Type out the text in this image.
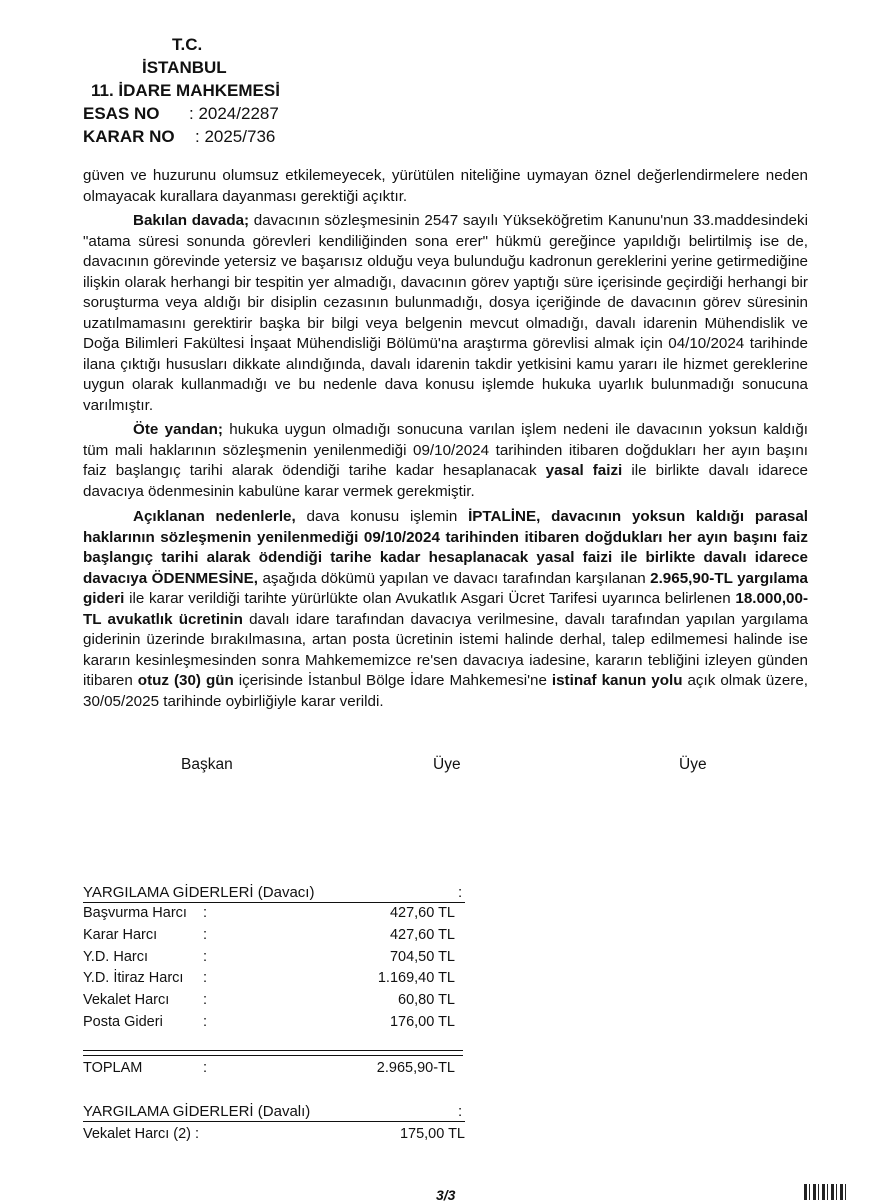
T.C.
İSTANBUL
11. İDARE MAHKEMESİ
ESAS NO : 2024/2287
KARAR NO : 2025/736
güven ve huzurunu olumsuz etkilemeyecek, yürütülen niteliğine uymayan öznel değerlendirmelere neden olmayacak kurallara dayanması gerektiği açıktır.
Bakılan davada; davacının sözleşmesinin 2547 sayılı Yükseköğretim Kanunu'nun 33.maddesindeki "atama süresi sonunda görevleri kendiliğinden sona erer" hükmü gereğince yapıldığı belirtilmiş ise de, davacının görevinde yetersiz ve başarısız olduğu veya bulunduğu kadronun gereklerini yerine getirmediğine ilişkin olarak herhangi bir tespitin yer almadığı, davacının görev yaptığı süre içerisinde geçirdiği herhangi bir soruşturma veya aldığı bir disiplin cezasının bulunmadığı, dosya içeriğinde de davacının görev süresinin uzatılmamasını gerektirir başka bir bilgi veya belgenin mevcut olmadığı, davalı idarenin Mühendislik ve Doğa Bilimleri Fakültesi İnşaat Mühendisliği Bölümü'na araştırma görevlisi almak için 04/10/2024 tarihinde ilana çıktığı hususları dikkate alındığında, davalı idarenin takdir yetkisini kamu yararı ile hizmet gereklerine uygun olarak kullanmadığı ve bu nedenle dava konusu işlemde hukuka uyarlık bulunmadığı sonucuna varılmıştır.
Öte yandan; hukuka uygun olmadığı sonucuna varılan işlem nedeni ile davacının yoksun kaldığı tüm mali haklarının sözleşmenin yenilenmediği 09/10/2024 tarihinden itibaren doğdukları her ayın başını faiz başlangıç tarihi alarak ödendiği tarihe kadar hesaplanacak yasal faizi ile birlikte davalı idarece davacıya ödenmesinin kabulüne karar vermek gerekmiştir.
Açıklanan nedenlerle, dava konusu işlemin İPTALİNE, davacının yoksun kaldığı parasal haklarının sözleşmenin yenilenmediği 09/10/2024 tarihinden itibaren doğdukları her ayın başını faiz başlangıç tarihi alarak ödendiği tarihe kadar hesaplanacak yasal faizi ile birlikte davalı idarece davacıya ÖDENMESİNE, aşağıda dökümü yapılan ve davacı tarafından karşılanan 2.965,90-TL yargılama gideri ile karar verildiği tarihte yürürlükte olan Avukatlık Asgari Ücret Tarifesi uyarınca belirlenen 18.000,00-TL avukatlık ücretinin davalı idare tarafından davacıya verilmesine, davalı tarafından yapılan yargılama giderinin üzerinde bırakılmasına, artan posta ücretinin istemi halinde derhal, talep edilmemesi halinde ise kararın kesinleşmesinden sonra Mahkememizce re'sen davacıya iadesine, kararın tebliğini izleyen günden itibaren otuz (30) gün içerisinde İstanbul Bölge İdare Mahkemesi'ne istinaf kanun yolu açık olmak üzere, 30/05/2025 tarihinde oybirliğiyle karar verildi.
Başkan	Üye	Üye
YARGILAMA GİDERLERİ (Davacı)	:
Başvurma Harcı :	427,60 TL
Karar Harcı	:	427,60 TL
Y.D. Harcı	:	704,50 TL
Y.D. İtiraz Harcı :	1.169,40 TL
Vekalet Harcı :	60,80 TL
Posta Gideri	:	176,00 TL
TOPLAM	:	2.965,90-TL
YARGILAMA GİDERLERİ (Davalı)	:
Vekalet Harcı (2) :	175,00 TL
3/3
